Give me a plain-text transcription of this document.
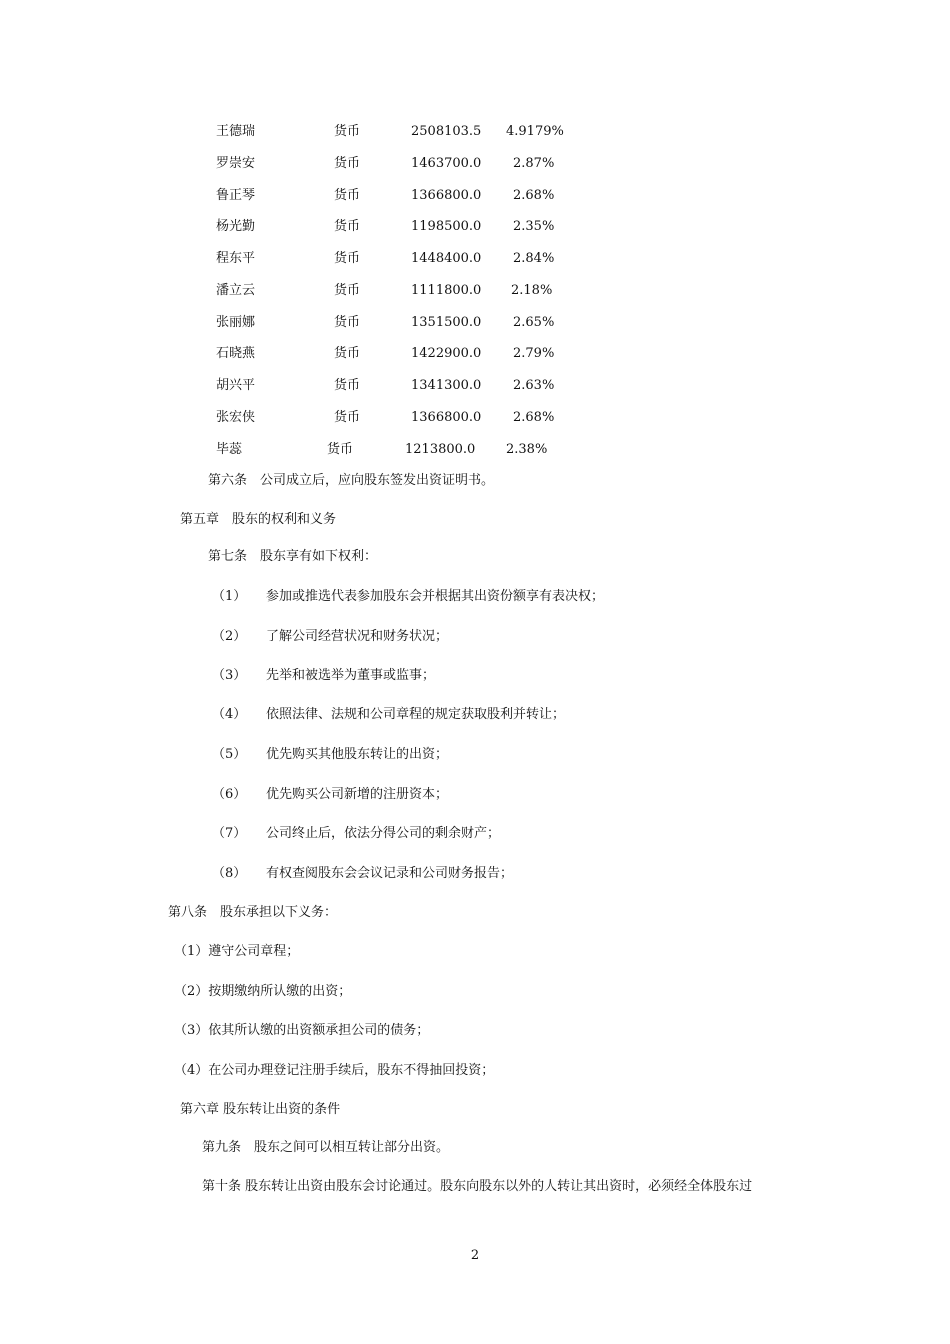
王德瑞	货币	2508103.5 4.9179%
罗崇安	货币	1463700.0 2.87%
鲁正琴	货币	1366800.0 2.68%
杨光勤	货币	1198500.0 2.35%
程东平	货币	1448400.0 2.84%
潘立云	货币	1111800.0 2.18%
张丽娜	货币	1351500.0 2.65%
石晓燕	货币	1422900.0 2.79%
胡兴平	货币	1341300.0 2.63%
张宏侠	货币	1366800.0 2.68%
毕蕊	货币	1213800.0 2.38%
第六条　公司成立后，应向股东签发出资证明书。
第五章　股东的权利和义务
第七条　股东享有如下权利：
（1） 参加或推选代表参加股东会并根据其出资份额享有表决权；
（2） 了解公司经营状况和财务状况；
（3） 先举和被选举为董事或监事；
（4） 依照法律、法规和公司章程的规定获取股利并转让；
（5） 优先购买其他股东转让的出资；
（6） 优先购买公司新增的注册资本；
（7） 公司终止后，依法分得公司的剩余财产；
（8） 有权查阅股东会会议记录和公司财务报告；
第八条　股东承担以下义务：
（1）遵守公司章程；
（2）按期缴纳所认缴的出资；
（3）依其所认缴的出资额承担公司的债务；
（4）在公司办理登记注册手续后，股东不得抽回投资；
第六章 股东转让出资的条件
第九条　股东之间可以相互转让部分出资。
第十条 股东转让出资由股东会讨论通过。股东向股东以外的人转让其出资时，必须经全体股东过
2
